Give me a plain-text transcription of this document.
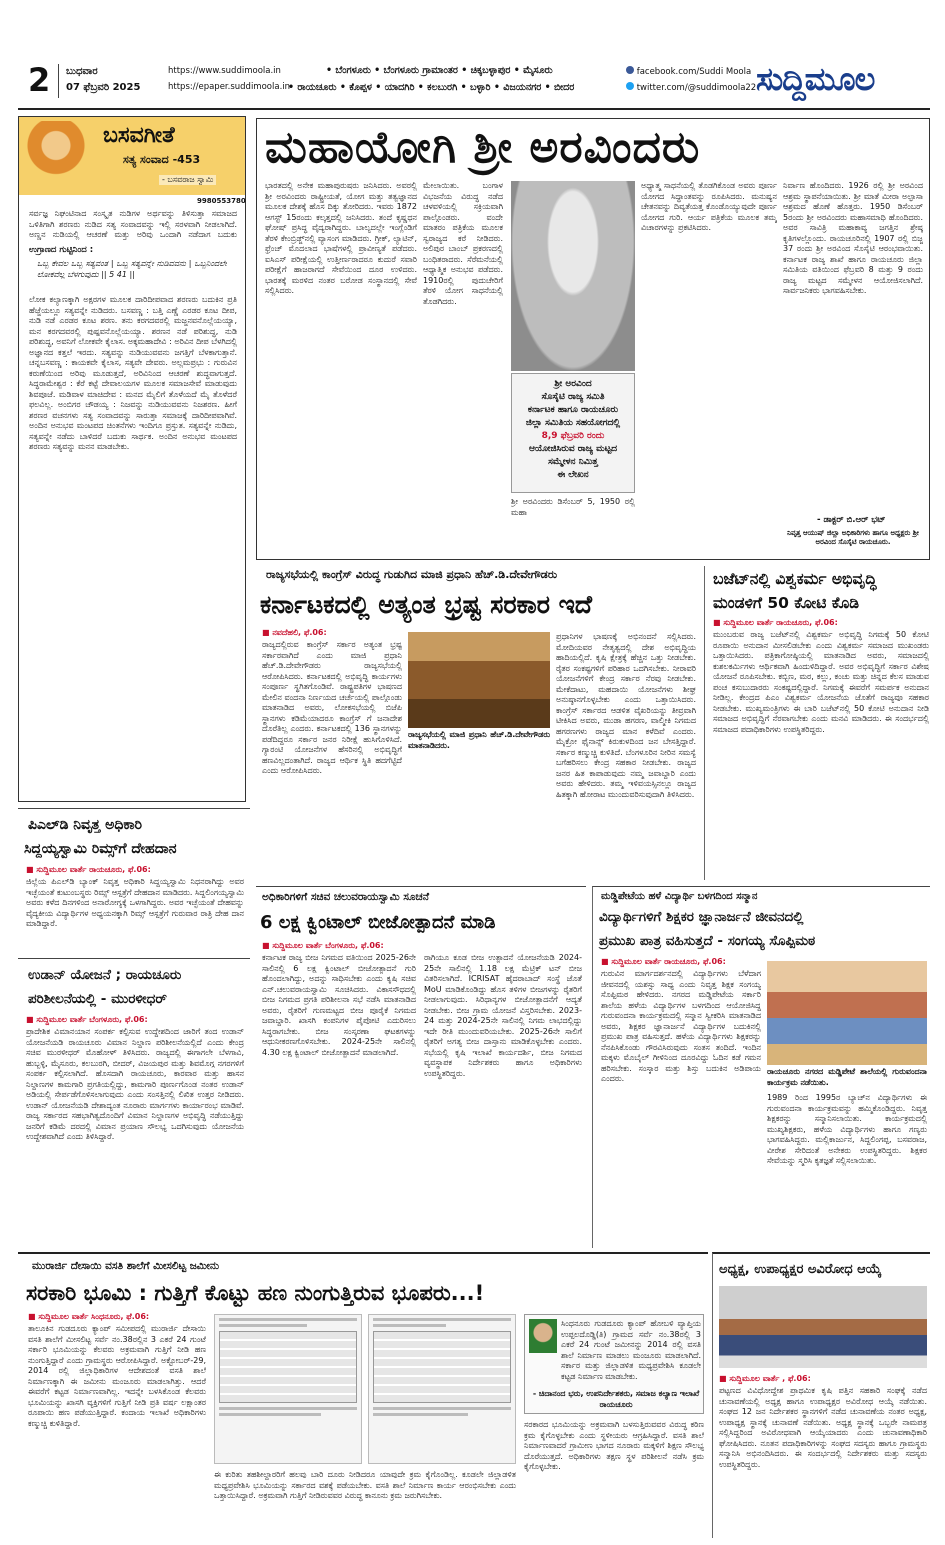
2	ಬುಧವಾರ
07 ಫೆಬ್ರವರಿ 2025
https://www.suddimoola.in
https://epaper.suddimoola.in
• ಬೆಂಗಳೂರು • ಬೆಂಗಳೂರು ಗ್ರಾಮಾಂತರ • ಚಿಕ್ಕಬಳ್ಳಾಪುರ • ಮೈಸೂರು
• ರಾಯಚೂರು • ಕೊಪ್ಪಳ • ಯಾದಗಿರಿ • ಕಲಬುರಗಿ • ಬಳ್ಳಾರಿ • ವಿಜಯನಗರ • ಬೀದರ
facebook.com/Suddi Moola
twitter.com/@suddimoola22 ಸುದ್ದಿಮೂಲ
ಬಸವಗೀತೆ
ಸತ್ಯ ಸಂವಾದ -453
- ಬಸವರಾಜ ಸ್ವಾಮಿ
9980553780
ಸರ್ವಜ್ಞ ನಿಘಂಟಿನಾದ ಸಂಸ್ಕೃತ ನುಡಿಗಳ ಅರ್ಥವನ್ನು ತಿಳಿಸುತ್ತಾ ಸಮಾಜದ ಒಳಿತಿಗಾಗಿ ಶರಣರು ನುಡಿದ ಸತ್ಯ ಸಂವಾದವನ್ನು ಇಲ್ಲಿ ಸರಳವಾಗಿ ನೀಡಲಾಗಿದೆ. ಅಣ್ಣನ ನುಡಿಯಲ್ಲಿ ಆಚರಣೆ ಮತ್ತು ಅರಿವು ಒಂದಾಗಿ ನಡೆದಾಗ ಬದುಕು
ಉಗ್ರಾಣದ ಗುಟ್ಟಿನಿಂದ :
ಒಬ್ಬ ಕೇವಲ ಒಬ್ಬ ಸತ್ಯವಂತ | ಒಬ್ಬ ಸತ್ಯವನ್ನೇ ನುಡಿವವನು | ಒಬ್ಬನಿಂದಲೇ ಲೋಕವೆಲ್ಲ ಬೆಳಗುವುದು || 5 41 ||
ಲೋಕ ಕಲ್ಯಾಣಕ್ಕಾಗಿ ಅಕ್ಷರಗಳ ಮೂಲಕ ದಾರಿದೀಪವಾದ ಶರಣರು ಬದುಕಿನ ಪ್ರತಿ ಹೆಜ್ಜೆಯಲ್ಲೂ ಸತ್ಯವನ್ನೇ ನುಡಿದರು. ಬಸವಣ್ಣ : ಬತ್ತಿ ಎಣ್ಣೆ ಎರಡರ ಕೂಟ ದೀಪ, ನುಡಿ ನಡೆ ಎರಡರ ಕೂಟ ಶರಣ. ತನು ಕರಗದವರಲ್ಲಿ ಮಜ್ಜನವನೊಲ್ಲೆಯಯ್ಯಾ, ಮನ ಕರಗದವರಲ್ಲಿ ಪುಷ್ಪವನೊಲ್ಲೆಯಯ್ಯಾ. ಶರಣನ ನಡೆ ಪರಿಶುದ್ಧ, ನುಡಿ ಪರಿಶುದ್ಧ, ಅವನಿಗೆ ಲೋಕವೇ ಕೈಲಾಸ. ಅಕ್ಕಮಹಾದೇವಿ : ಅರಿವಿನ ದೀಪ ಬೆಳಗಿದಲ್ಲಿ ಅಜ್ಞಾನದ ಕತ್ತಲೆ ಇರದು. ಸತ್ಯವನ್ನು ನುಡಿಯುವವನು ಜಗತ್ತಿಗೆ ಬೆಳಕಾಗುತ್ತಾನೆ. ಚನ್ನಬಸವಣ್ಣ : ಕಾಯಕವೇ ಕೈಲಾಸ, ಸತ್ಯವೇ ದೇವರು. ಅಲ್ಲಮಪ್ರಭು : ಗುರುವಿನ ಕರುಣೆಯಿಂದ ಅರಿವು ಮೂಡುತ್ತದೆ, ಅರಿವಿನಿಂದ ಆಚರಣೆ ಶುದ್ಧವಾಗುತ್ತದೆ. ಸಿದ್ಧರಾಮೇಶ್ವರ : ಕೆರೆ ಕಟ್ಟೆ ದೇವಾಲಯಗಳ ಮೂಲಕ ಸಮಾಜಸೇವೆ ಮಾಡುವುದು ಶಿವಪೂಜೆ. ಮಡಿವಾಳ ಮಾಚಿದೇವ : ಮನದ ಮೈಲಿಗೆ ತೊಳೆಯದೆ ಮೈ ತೊಳೆದರೆ ಫಲವಿಲ್ಲ. ಅಂಬಿಗರ ಚೌಡಯ್ಯ : ನಿಜವನ್ನು ನುಡಿಯುವವನು ನಿಜಶರಣ. ಹೀಗೆ ಶರಣರ ವಚನಗಳು ಸತ್ಯ ಸಂವಾದವನ್ನು ಸಾರುತ್ತಾ ಸಮಾಜಕ್ಕೆ ದಾರಿದೀಪವಾಗಿವೆ. ಅಂದಿನ ಅನುಭವ ಮಂಟಪದ ಚಿಂತನೆಗಳು ಇಂದಿಗೂ ಪ್ರಸ್ತುತ. ಸತ್ಯವನ್ನೇ ನುಡಿದು, ಸತ್ಯವನ್ನೇ ನಡೆದು ಬಾಳಿದರೆ ಬದುಕು ಸಾರ್ಥಕ. ಅಂದಿನ ಅನುಭವ ಮಂಟಪದ ಶರಣರು ಸತ್ಯವನ್ನು ಮನನ ಮಾಡಬೇಕು.
ಮಹಾಯೋಗಿ ಶ್ರೀ ಅರವಿಂದರು
ಭಾರತದಲ್ಲಿ ಅನೇಕ ಮಹಾಪುರುಷರು ಜನಿಸಿದರು. ಅವರಲ್ಲಿ ಶ್ರೀ ಅರವಿಂದರು ರಾಷ್ಟ್ರೀಯತೆ, ಯೋಗ ಮತ್ತು ತತ್ವಜ್ಞಾನದ ಮೂಲಕ ದೇಶಕ್ಕೆ ಹೊಸ ದಿಕ್ಕು ತೋರಿದರು. ಇವರು 1872 ಆಗಸ್ಟ್ 15ರಂದು ಕಲ್ಕತ್ತದಲ್ಲಿ ಜನಿಸಿದರು. ತಂದೆ ಕೃಷ್ಣಧನ ಘೋಷ್ ಪ್ರಸಿದ್ಧ ವೈದ್ಯರಾಗಿದ್ದರು. ಬಾಲ್ಯದಲ್ಲೇ ಇಂಗ್ಲೆಂಡಿಗೆ ತೆರಳಿ ಕೇಂಬ್ರಿಡ್ಜ್‌ನಲ್ಲಿ ವ್ಯಾಸಂಗ ಮಾಡಿದರು. ಗ್ರೀಕ್, ಲ್ಯಾಟಿನ್, ಫ್ರೆಂಚ್ ಮೊದಲಾದ ಭಾಷೆಗಳಲ್ಲಿ ಪ್ರಾವೀಣ್ಯತೆ ಪಡೆದರು. ಐಸಿಎಸ್ ಪರೀಕ್ಷೆಯಲ್ಲಿ ಉತ್ತೀರ್ಣರಾದರೂ ಕುದುರೆ ಸವಾರಿ ಪರೀಕ್ಷೆಗೆ ಹಾಜರಾಗದೆ ಸೇವೆಯಿಂದ ದೂರ ಉಳಿದರು. ಭಾರತಕ್ಕೆ ಮರಳಿದ ನಂತರ ಬರೋಡ ಸಂಸ್ಥಾನದಲ್ಲಿ ಸೇವೆ ಸಲ್ಲಿಸಿದರು.
ಮೇಲಾಯಿತು. ಬಂಗಾಳ ವಿಭಜನೆಯ ವಿರುದ್ಧ ನಡೆದ ಚಳವಳಿಯಲ್ಲಿ ಸಕ್ರಿಯವಾಗಿ ಪಾಲ್ಗೊಂಡರು. ವಂದೇ ಮಾತರಂ ಪತ್ರಿಕೆಯ ಮೂಲಕ ಸ್ವರಾಜ್ಯದ ಕರೆ ನೀಡಿದರು. ಅಲಿಪುರ ಬಾಂಬ್ ಪ್ರಕರಣದಲ್ಲಿ ಬಂಧಿತರಾದರು. ಸೆರೆಮನೆಯಲ್ಲಿ ಆಧ್ಯಾತ್ಮಿಕ ಅನುಭವ ಪಡೆದರು. 1910ರಲ್ಲಿ ಪುದುಚೇರಿಗೆ ತೆರಳಿ ಯೋಗ ಸಾಧನೆಯಲ್ಲಿ ತೊಡಗಿದರು.
ಶ್ರೀ ಅರವಿಂದ
ಸೊಸೈಟಿ ರಾಜ್ಯ ಸಮಿತಿ
ಕರ್ನಾಟಕ ಹಾಗೂ ರಾಯಚೂರು
ಜಿಲ್ಲಾ ಸಮಿತಿಯ ಸಹಯೋಗದಲ್ಲಿ
8,9 ಫೆಬ್ರವರಿ ರಂದು
ಆಯೋಜಿಸಿರುವ ರಾಜ್ಯ ಮಟ್ಟದ
ಸಮ್ಮೇಳನ ನಿಮಿತ್ತ
ಈ ಲೇಖನ
ಶ್ರೀ ಅರವಿಂದರು ಡಿಸೆಂಬರ್ 5, 1950 ರಲ್ಲಿ ಮಹಾ
ಅಧ್ಯಾತ್ಮ ಸಾಧನೆಯಲ್ಲಿ ತೊಡಗಿಕೊಂಡ ಅವರು ಪೂರ್ಣ ಯೋಗದ ಸಿದ್ಧಾಂತವನ್ನು ರೂಪಿಸಿದರು. ಮನುಷ್ಯನ ಚೇತನವನ್ನು ದಿವ್ಯತೆಯತ್ತ ಕೊಂಡೊಯ್ಯುವುದೇ ಪೂರ್ಣ ಯೋಗದ ಗುರಿ. ಆರ್ಯ ಪತ್ರಿಕೆಯ ಮೂಲಕ ತಮ್ಮ ವಿಚಾರಗಳನ್ನು ಪ್ರಕಟಿಸಿದರು.
ನಿರ್ವಾಣ ಹೊಂದಿದರು. 1926 ರಲ್ಲಿ ಶ್ರೀ ಅರವಿಂದ ಆಶ್ರಮ ಸ್ಥಾಪನೆಯಾಯಿತು. ಶ್ರೀ ಮಾತೆ ಮೀರಾ ಅಲ್ಫಾಸಾ ಆಶ್ರಮದ ಹೊಣೆ ಹೊತ್ತರು. 1950 ಡಿಸೆಂಬರ್ 5ರಂದು ಶ್ರೀ ಅರವಿಂದರು ಮಹಾಸಮಾಧಿ ಹೊಂದಿದರು. ಅವರ ಸಾವಿತ್ರಿ ಮಹಾಕಾವ್ಯ ಜಗತ್ತಿನ ಶ್ರೇಷ್ಠ ಕೃತಿಗಳಲ್ಲೊಂದು. ರಾಯಚೂರಿನಲ್ಲಿ 1907 ರಲ್ಲಿ ಬಿಜ್ಜ 37 ರಂದು ಶ್ರೀ ಅರವಿಂದ ಸೊಸೈಟಿ ಆರಂಭವಾಯಿತು. ಕರ್ನಾಟಕ ರಾಜ್ಯ ಶಾಖೆ ಹಾಗೂ ರಾಯಚೂರು ಜಿಲ್ಲಾ ಸಮಿತಿಯ ವತಿಯಿಂದ ಫೆಬ್ರವರಿ 8 ಮತ್ತು 9 ರಂದು ರಾಜ್ಯ ಮಟ್ಟದ ಸಮ್ಮೇಳನ ಆಯೋಜಿಸಲಾಗಿದೆ. ಸಾರ್ವಜನಿಕರು ಭಾಗವಹಿಸಬೇಕು.
- ಡಾಕ್ಟರ್ ಬಿ.ಆರ್ ಭಟ್
ನಿವೃತ್ತ ಆಯುಷ್ ಜಿಲ್ಲಾ ಅಧಿಕಾರಿಗಳು ಹಾಗೂ ಅಧ್ಯಕ್ಷರು ಶ್ರೀ ಅರವಿಂದ ಸೊಸೈಟಿ ರಾಯಚೂರು.
ರಾಜ್ಯಸಭೆಯಲ್ಲಿ ಕಾಂಗ್ರೆಸ್ ವಿರುದ್ಧ ಗುಡುಗಿದ ಮಾಜಿ ಪ್ರಧಾನಿ ಹೆಚ್.ಡಿ.ದೇವೇಗೌಡರು
ಕರ್ನಾಟಕದಲ್ಲಿ ಅತ್ಯಂತ ಭ್ರಷ್ಟ ಸರಕಾರ ಇದೆ
■ ನವದೆಹಲಿ, ಫೆ.06:
ರಾಜ್ಯದಲ್ಲಿರುವ ಕಾಂಗ್ರೆಸ್ ಸರ್ಕಾರ ಅತ್ಯಂತ ಭ್ರಷ್ಟ ಸರ್ಕಾರವಾಗಿದೆ ಎಂದು ಮಾಜಿ ಪ್ರಧಾನಿ ಹೆಚ್.ಡಿ.ದೇವೇಗೌಡರು ರಾಜ್ಯಸಭೆಯಲ್ಲಿ ಆರೋಪಿಸಿದರು. ಕರ್ನಾಟಕದಲ್ಲಿ ಅಭಿವೃದ್ಧಿ ಕಾರ್ಯಗಳು ಸಂಪೂರ್ಣ ಸ್ಥಗಿತಗೊಂಡಿವೆ. ರಾಷ್ಟ್ರಪತಿಗಳ ಭಾಷಣದ ಮೇಲಿನ ವಂದನಾ ನಿರ್ಣಯದ ಚರ್ಚೆಯಲ್ಲಿ ಪಾಲ್ಗೊಂಡು ಮಾತನಾಡಿದ ಅವರು, ಲೋಕಸಭೆಯಲ್ಲಿ ಬಿಜೆಪಿ ಸ್ಥಾನಗಳು ಕಡಿಮೆಯಾದರೂ ಕಾಂಗ್ರೆಸ್ ಗೆ ಜನಾದೇಶ ದೊರೆತಿಲ್ಲ ಎಂದರು. ಕರ್ನಾಟಕದಲ್ಲಿ 136 ಸ್ಥಾನಗಳನ್ನು ಪಡೆದಿದ್ದರೂ ಸರ್ಕಾರ ಜನರ ನಿರೀಕ್ಷೆ ಹುಸಿಗೊಳಿಸಿದೆ. ಗ್ಯಾರಂಟಿ ಯೋಜನೆಗಳ ಹೆಸರಿನಲ್ಲಿ ಅಭಿವೃದ್ಧಿಗೆ ಹಣವಿಲ್ಲದಂತಾಗಿದೆ. ರಾಜ್ಯದ ಆರ್ಥಿಕ ಸ್ಥಿತಿ ಹದಗೆಟ್ಟಿದೆ ಎಂದು ಆರೋಪಿಸಿದರು.
ರಾಜ್ಯಸಭೆಯಲ್ಲಿ ಮಾಜಿ ಪ್ರಧಾನಿ ಹೆಚ್.ಡಿ.ದೇವೇಗೌಡರು ಮಾತನಾಡಿದರು.
ಪ್ರಧಾನಿಗಳ ಭಾಷಣಕ್ಕೆ ಅಭಿನಂದನೆ ಸಲ್ಲಿಸಿದರು. ಮೋದಿಯವರ ನೇತೃತ್ವದಲ್ಲಿ ದೇಶ ಅಭಿವೃದ್ಧಿಯ ಹಾದಿಯಲ್ಲಿದೆ. ಕೃಷಿ ಕ್ಷೇತ್ರಕ್ಕೆ ಹೆಚ್ಚಿನ ಒತ್ತು ನೀಡಬೇಕು. ರೈತರ ಸಂಕಷ್ಟಗಳಿಗೆ ಪರಿಹಾರ ಒದಗಿಸಬೇಕು. ನೀರಾವರಿ ಯೋಜನೆಗಳಿಗೆ ಕೇಂದ್ರ ಸರ್ಕಾರ ನೆರವು ನೀಡಬೇಕು. ಮೇಕೆದಾಟು, ಮಹದಾಯಿ ಯೋಜನೆಗಳು ಶೀಘ್ರ ಅನುಷ್ಠಾನಗೊಳ್ಳಬೇಕು ಎಂದು ಒತ್ತಾಯಿಸಿದರು. ಕಾಂಗ್ರೆಸ್ ಸರ್ಕಾರದ ಆಡಳಿತ ವೈಖರಿಯನ್ನು ತೀವ್ರವಾಗಿ ಟೀಕಿಸಿದ ಅವರು, ಮುಡಾ ಹಗರಣ, ವಾಲ್ಮೀಕಿ ನಿಗಮದ ಹಗರಣಗಳು ರಾಜ್ಯದ ಮಾನ ಕಳೆದಿವೆ ಎಂದರು. ಮೈಕ್ರೋ ಫೈನಾನ್ಸ್ ಕಿರುಕುಳದಿಂದ ಜನ ಬೇಸತ್ತಿದ್ದಾರೆ. ಸರ್ಕಾರ ಕಣ್ಮುಚ್ಚಿ ಕುಳಿತಿದೆ. ಬೆಂಗಳೂರಿನ ನೀರಿನ ಸಮಸ್ಯೆ ಬಗೆಹರಿಸಲು ಕೇಂದ್ರ ಸಹಕಾರ ನೀಡಬೇಕು. ರಾಜ್ಯದ ಜನರ ಹಿತ ಕಾಪಾಡುವುದು ನಮ್ಮ ಜವಾಬ್ದಾರಿ ಎಂದು ಅವರು ಹೇಳಿದರು. ತಮ್ಮ ಇಳಿವಯಸ್ಸಿನಲ್ಲೂ ರಾಜ್ಯದ ಹಿತಕ್ಕಾಗಿ ಹೋರಾಟ ಮುಂದುವರಿಸುವುದಾಗಿ ತಿಳಿಸಿದರು.
ಬಜೆಟ್‌ನಲ್ಲಿ ವಿಶ್ವಕರ್ಮ ಅಭಿವೃದ್ಧಿ
ಮಂಡಳಿಗೆ 50 ಕೋಟಿ ಕೊಡಿ
■ ಸುದ್ದಿಮೂಲ ವಾರ್ತೆ ರಾಯಚೂರು, ಫೆ.06:
ಮುಂಬರುವ ರಾಜ್ಯ ಬಜೆಟ್‌ನಲ್ಲಿ ವಿಶ್ವಕರ್ಮ ಅಭಿವೃದ್ಧಿ ನಿಗಮಕ್ಕೆ 50 ಕೋಟಿ ರೂಪಾಯಿ ಅನುದಾನ ಮೀಸಲಿಡಬೇಕು ಎಂದು ವಿಶ್ವಕರ್ಮ ಸಮಾಜದ ಮುಖಂಡರು ಒತ್ತಾಯಿಸಿದರು. ಪತ್ರಿಕಾಗೋಷ್ಠಿಯಲ್ಲಿ ಮಾತನಾಡಿದ ಅವರು, ಸಮಾಜದಲ್ಲಿ ಕುಶಲಕರ್ಮಿಗಳು ಆರ್ಥಿಕವಾಗಿ ಹಿಂದುಳಿದಿದ್ದಾರೆ. ಅವರ ಅಭಿವೃದ್ಧಿಗೆ ಸರ್ಕಾರ ವಿಶೇಷ ಯೋಜನೆ ರೂಪಿಸಬೇಕು. ಕಬ್ಬಿಣ, ಮರ, ಕಲ್ಲು, ಕಂಚು ಮತ್ತು ಚಿನ್ನದ ಕೆಲಸ ಮಾಡುವ ಪಂಚ ಕಸುಬುದಾರರು ಸಂಕಷ್ಟದಲ್ಲಿದ್ದಾರೆ. ನಿಗಮಕ್ಕೆ ಈವರೆಗೆ ಸಮರ್ಪಕ ಅನುದಾನ ನೀಡಿಲ್ಲ. ಕೇಂದ್ರದ ಪಿಎಂ ವಿಶ್ವಕರ್ಮ ಯೋಜನೆಯ ಜೊತೆಗೆ ರಾಜ್ಯವೂ ಸಹಕಾರ ನೀಡಬೇಕು. ಮುಖ್ಯಮಂತ್ರಿಗಳು ಈ ಬಾರಿ ಬಜೆಟ್‌ನಲ್ಲಿ 50 ಕೋಟಿ ಅನುದಾನ ನೀಡಿ ಸಮಾಜದ ಅಭಿವೃದ್ಧಿಗೆ ನೆರವಾಗಬೇಕು ಎಂದು ಮನವಿ ಮಾಡಿದರು. ಈ ಸಂದರ್ಭದಲ್ಲಿ ಸಮಾಜದ ಪದಾಧಿಕಾರಿಗಳು ಉಪಸ್ಥಿತರಿದ್ದರು.
ಪಿಎಲ್‌ಡಿ ನಿವೃತ್ತ ಅಧಿಕಾರಿ
ಸಿದ್ದಯ್ಯಸ್ವಾಮಿ ರಿಮ್ಸ್‌ಗೆ ದೇಹದಾನ
■ ಸುದ್ದಿಮೂಲ ವಾರ್ತೆ ರಾಯಚೂರು, ಫೆ.06:
ಜಿಲ್ಲೆಯ ಪಿಎಲ್‌ಡಿ ಬ್ಯಾಂಕ್ ನಿವೃತ್ತ ಅಧಿಕಾರಿ ಸಿದ್ದಯ್ಯಸ್ವಾಮಿ ನಿಧನರಾಗಿದ್ದು ಅವರ ಇಚ್ಛೆಯಂತೆ ಕುಟುಂಬಸ್ಥರು ರಿಮ್ಸ್ ಆಸ್ಪತ್ರೆಗೆ ದೇಹದಾನ ಮಾಡಿದರು. ಸಿದ್ದಲಿಂಗಯ್ಯಸ್ವಾಮಿ ಅವರು ಕಳೆದ ದಿನಗಳಿಂದ ಅನಾರೋಗ್ಯಕ್ಕೆ ಒಳಗಾಗಿದ್ದರು. ಅವರ ಇಚ್ಛೆಯಂತೆ ದೇಹವನ್ನು ವೈದ್ಯಕೀಯ ವಿದ್ಯಾರ್ಥಿಗಳ ಅಧ್ಯಯನಕ್ಕಾಗಿ ರಿಮ್ಸ್ ಆಸ್ಪತ್ರೆಗೆ ಗುರುವಾರ ರಾತ್ರಿ ದೇಹ ದಾನ ಮಾಡಿದ್ದಾರೆ.
ಉಡಾನ್ ಯೋಜನೆ ; ರಾಯಚೂರು
ಪರಿಶೀಲನೆಯಲ್ಲಿ - ಮುರಳೀಧರ್
■ ಸುದ್ದಿಮೂಲ ವಾರ್ತೆ ಬೆಂಗಳೂರು, ಫೆ.06:
ಪ್ರಾದೇಶಿಕ ವಿಮಾನಯಾನ ಸಂಪರ್ಕ ಕಲ್ಪಿಸುವ ಉದ್ದೇಶದಿಂದ ಜಾರಿಗೆ ತಂದ ಉಡಾನ್ ಯೋಜನೆಯಡಿ ರಾಯಚೂರು ವಿಮಾನ ನಿಲ್ದಾಣ ಪರಿಶೀಲನೆಯಲ್ಲಿದೆ ಎಂದು ಕೇಂದ್ರ ಸಚಿವ ಮುರಳೀಧರ್ ಮೊಹೋಳ್ ತಿಳಿಸಿದರು. ರಾಜ್ಯದಲ್ಲಿ ಈಗಾಗಲೇ ಬೆಳಗಾವಿ, ಹುಬ್ಬಳ್ಳಿ, ಮೈಸೂರು, ಕಲಬುರಗಿ, ಬೀದರ್, ವಿಜಯಪುರ ಮತ್ತು ಶಿವಮೊಗ್ಗ ನಗರಗಳಿಗೆ ಸಂಪರ್ಕ ಕಲ್ಪಿಸಲಾಗಿದೆ. ಹೊಸದಾಗಿ ರಾಯಚೂರು, ಕಾರವಾರ ಮತ್ತು ಹಾಸನ ನಿಲ್ದಾಣಗಳ ಕಾಮಗಾರಿ ಪ್ರಗತಿಯಲ್ಲಿದ್ದು, ಕಾಮಗಾರಿ ಪೂರ್ಣಗೊಂಡ ನಂತರ ಉಡಾನ್ ಅಡಿಯಲ್ಲಿ ಸೇರ್ಪಡೆಗೊಳಿಸಲಾಗುವುದು ಎಂದು ಸಂಸತ್ತಿನಲ್ಲಿ ಲಿಖಿತ ಉತ್ತರ ನೀಡಿದರು. ಉಡಾನ್ ಯೋಜನೆಯಡಿ ದೇಶಾದ್ಯಂತ ನೂರಾರು ಮಾರ್ಗಗಳು ಕಾರ್ಯಾರಂಭ ಮಾಡಿವೆ. ರಾಜ್ಯ ಸರ್ಕಾರದ ಸಹಭಾಗಿತ್ವದೊಂದಿಗೆ ವಿಮಾನ ನಿಲ್ದಾಣಗಳ ಅಭಿವೃದ್ಧಿ ನಡೆಯುತ್ತಿದ್ದು ಜನರಿಗೆ ಕಡಿಮೆ ದರದಲ್ಲಿ ವಿಮಾನ ಪ್ರಯಾಣ ಸೌಲಭ್ಯ ಒದಗಿಸುವುದು ಯೋಜನೆಯ ಉದ್ದೇಶವಾಗಿದೆ ಎಂದು ತಿಳಿಸಿದ್ದಾರೆ.
ಅಧಿಕಾರಿಗಳಿಗೆ ಸಚಿವ ಚಲುವರಾಯಸ್ವಾಮಿ ಸೂಚನೆ
6 ಲಕ್ಷ ಕ್ವಿಂಟಾಲ್ ಬೀಜೋತ್ಪಾದನೆ ಮಾಡಿ
■ ಸುದ್ದಿಮೂಲ ವಾರ್ತೆ ಬೆಂಗಳೂರು, ಫೆ.06:
ಕರ್ನಾಟಕ ರಾಜ್ಯ ಬೀಜ ನಿಗಮದ ವತಿಯಿಂದ 2025-26ನೇ ಸಾಲಿನಲ್ಲಿ 6 ಲಕ್ಷ ಕ್ವಿಂಟಾಲ್ ಬೀಜೋತ್ಪಾದನೆ ಗುರಿ ಹೊಂದಲಾಗಿದ್ದು, ಅದನ್ನು ಸಾಧಿಸಬೇಕು ಎಂದು ಕೃಷಿ ಸಚಿವ ಎನ್.ಚಲುವರಾಯಸ್ವಾಮಿ ಸೂಚಿಸಿದರು. ವಿಕಾಸಸೌಧದಲ್ಲಿ ಬೀಜ ನಿಗಮದ ಪ್ರಗತಿ ಪರಿಶೀಲನಾ ಸಭೆ ನಡೆಸಿ ಮಾತನಾಡಿದ ಅವರು, ರೈತರಿಗೆ ಗುಣಮಟ್ಟದ ಬೀಜ ಪೂರೈಕೆ ನಿಗಮದ ಜವಾಬ್ದಾರಿ. ಖಾಸಗಿ ಕಂಪನಿಗಳ ಪೈಪೋಟಿ ಎದುರಿಸಲು ಸಿದ್ಧರಾಗಬೇಕು. ಬೀಜ ಸಂಸ್ಕರಣಾ ಘಟಕಗಳನ್ನು ಆಧುನೀಕರಣಗೊಳಿಸಬೇಕು. 2024-25ನೇ ಸಾಲಿನಲ್ಲಿ 4.30 ಲಕ್ಷ ಕ್ವಿಂಟಾಲ್ ಬೀಜೋತ್ಪಾದನೆ ಮಾಡಲಾಗಿದೆ.
ರಾಗಿಯೂ ಕೂಡ ಬೀಜ ಉತ್ಪಾದನೆ ಯೋಜನೆಯಡಿ 2024-25ನೇ ಸಾಲಿನಲ್ಲಿ 1.18 ಲಕ್ಷ ಮೆಟ್ರಿಕ್ ಟನ್ ಬೀಜ ವಿತರಿಸಲಾಗಿದೆ. ICRISAT ಹೈದರಾಬಾದ್ ಸಂಸ್ಥೆ ಜೊತೆ MoU ಮಾಡಿಕೊಂಡಿದ್ದು ಹೊಸ ತಳಿಗಳ ಬೀಜಗಳನ್ನು ರೈತರಿಗೆ ನೀಡಲಾಗುವುದು. ಸಿರಿಧಾನ್ಯಗಳ ಬೀಜೋತ್ಪಾದನೆಗೆ ಆದ್ಯತೆ ನೀಡಬೇಕು. ಬೀಜ ಗ್ರಾಮ ಯೋಜನೆ ವಿಸ್ತರಿಸಬೇಕು. 2023-24 ಮತ್ತು 2024-25ನೇ ಸಾಲಿನಲ್ಲಿ ನಿಗಮ ಲಾಭದಲ್ಲಿದ್ದು ಇದೇ ರೀತಿ ಮುಂದುವರಿಯಬೇಕು. 2025-26ನೇ ಸಾಲಿಗೆ ರೈತರಿಗೆ ಅಗತ್ಯ ಬೀಜ ದಾಸ್ತಾನು ಮಾಡಿಕೊಳ್ಳಬೇಕು ಎಂದರು. ಸಭೆಯಲ್ಲಿ ಕೃಷಿ ಇಲಾಖೆ ಕಾರ್ಯದರ್ಶಿ, ಬೀಜ ನಿಗಮದ ವ್ಯವಸ್ಥಾಪಕ ನಿರ್ದೇಶಕರು ಹಾಗೂ ಅಧಿಕಾರಿಗಳು ಉಪಸ್ಥಿತರಿದ್ದರು.
ಮಡ್ಡಿಪೇಟೆಯ ಹಳೆ ವಿದ್ಯಾರ್ಥಿ ಬಳಗದಿಂದ ಸನ್ಮಾನ
ವಿದ್ಯಾರ್ಥಿಗಳಿಗೆ ಶಿಕ್ಷಕರ ಜ್ಞಾನಾರ್ಜನೆ ಜೀವನದಲ್ಲಿ
ಪ್ರಮುಖ ಪಾತ್ರ ವಹಿಸುತ್ತದೆ - ಸಂಗಯ್ಯ ಸೊಪ್ಪಿಮಠ
■ ಸುದ್ದಿಮೂಲ ವಾರ್ತೆ ರಾಯಚೂರು, ಫೆ.06:
ಗುರುವಿನ ಮಾರ್ಗದರ್ಶನದಲ್ಲಿ ವಿದ್ಯಾರ್ಥಿಗಳು ಬೆಳೆದಾಗ ಜೀವನದಲ್ಲಿ ಯಶಸ್ಸು ಸಾಧ್ಯ ಎಂದು ನಿವೃತ್ತ ಶಿಕ್ಷಕ ಸಂಗಯ್ಯ ಸೊಪ್ಪಿಮಠ ಹೇಳಿದರು. ನಗರದ ಮಡ್ಡಿಪೇಟೆಯ ಸರ್ಕಾರಿ ಶಾಲೆಯ ಹಳೆಯ ವಿದ್ಯಾರ್ಥಿಗಳ ಬಳಗದಿಂದ ಆಯೋಜಿಸಿದ್ದ ಗುರುವಂದನಾ ಕಾರ್ಯಕ್ರಮದಲ್ಲಿ ಸನ್ಮಾನ ಸ್ವೀಕರಿಸಿ ಮಾತನಾಡಿದ ಅವರು, ಶಿಕ್ಷಕರ ಜ್ಞಾನಾರ್ಜನೆ ವಿದ್ಯಾರ್ಥಿಗಳ ಬದುಕಿನಲ್ಲಿ ಪ್ರಮುಖ ಪಾತ್ರ ವಹಿಸುತ್ತದೆ. ಹಳೆಯ ವಿದ್ಯಾರ್ಥಿಗಳು ಶಿಕ್ಷಕರನ್ನು ನೆನಪಿಸಿಕೊಂಡು ಗೌರವಿಸಿರುವುದು ಸಂತಸ ತಂದಿದೆ. ಇಂದಿನ ಮಕ್ಕಳು ಮೊಬೈಲ್ ಗೀಳಿನಿಂದ ದೂರವಿದ್ದು ಓದಿನ ಕಡೆ ಗಮನ ಹರಿಸಬೇಕು. ಸಂಸ್ಕಾರ ಮತ್ತು ಶಿಸ್ತು ಬದುಕಿನ ಅಡಿಪಾಯ ಎಂದರು.
ರಾಯಚೂರು ನಗರದ ಮಡ್ಡಿಪೇಟೆ ಶಾಲೆಯಲ್ಲಿ ಗುರುವಂದನಾ ಕಾರ್ಯಕ್ರಮ ನಡೆಯಿತು.
1989 ರಿಂದ 1995ರ ಬ್ಯಾಚ್‌ನ ವಿದ್ಯಾರ್ಥಿಗಳು ಈ ಗುರುವಂದನಾ ಕಾರ್ಯಕ್ರಮವನ್ನು ಹಮ್ಮಿಕೊಂಡಿದ್ದರು. ನಿವೃತ್ತ ಶಿಕ್ಷಕರನ್ನು ಸನ್ಮಾನಿಸಲಾಯಿತು. ಕಾರ್ಯಕ್ರಮದಲ್ಲಿ ಮುಖ್ಯಶಿಕ್ಷಕರು, ಹಳೆಯ ವಿದ್ಯಾರ್ಥಿಗಳು ಹಾಗೂ ಗಣ್ಯರು ಭಾಗವಹಿಸಿದ್ದರು. ಮಲ್ಲಿಕಾರ್ಜುನ, ಸಿದ್ದಲಿಂಗಪ್ಪ, ಬಸವರಾಜ, ವೀರೇಶ ಸೇರಿದಂತೆ ಅನೇಕರು ಉಪಸ್ಥಿತರಿದ್ದರು. ಶಿಕ್ಷಕರ ಸೇವೆಯನ್ನು ಸ್ಮರಿಸಿ ಕೃತಜ್ಞತೆ ಸಲ್ಲಿಸಲಾಯಿತು.
ಮುರಾರ್ಜಿ ದೇಸಾಯಿ ವಸತಿ ಶಾಲೆಗೆ ಮೀಸಲಿಟ್ಟ ಜಮೀನು
ಸರಕಾರಿ ಭೂಮಿ : ಗುತ್ತಿಗೆ ಕೊಟ್ಟು ಹಣ ನುಂಗುತ್ತಿರುವ ಭೂಪರು...!
■ ಸುದ್ದಿಮೂಲ ವಾರ್ತೆ ಸಿಂಧನೂರು, ಫೆ.06:
ತಾಲೂಕಿನ ಗುಡದೂರು ಕ್ಯಾಂಪ್ ಸಮೀಪದಲ್ಲಿ ಮುರಾರ್ಜಿ ದೇಸಾಯಿ ವಸತಿ ಶಾಲೆಗೆ ಮೀಸಲಿಟ್ಟ ಸರ್ವೆ ನಂ.38ರಲ್ಲಿನ 3 ಎಕರೆ 24 ಗುಂಟೆ ಸರ್ಕಾರಿ ಭೂಮಿಯನ್ನು ಕೆಲವರು ಅಕ್ರಮವಾಗಿ ಗುತ್ತಿಗೆ ನೀಡಿ ಹಣ ನುಂಗುತ್ತಿದ್ದಾರೆ ಎಂದು ಗ್ರಾಮಸ್ಥರು ಆರೋಪಿಸಿದ್ದಾರೆ. ಅಕ್ಟೋಬರ್-29, 2014 ರಲ್ಲಿ ಜಿಲ್ಲಾಧಿಕಾರಿಗಳ ಆದೇಶದಂತೆ ವಸತಿ ಶಾಲೆ ನಿರ್ಮಾಣಕ್ಕಾಗಿ ಈ ಜಮೀನು ಮಂಜೂರು ಮಾಡಲಾಗಿತ್ತು. ಆದರೆ ಈವರೆಗೆ ಕಟ್ಟಡ ನಿರ್ಮಾಣವಾಗಿಲ್ಲ. ಇದನ್ನೇ ಬಳಸಿಕೊಂಡ ಕೆಲವರು ಭೂಮಿಯನ್ನು ಖಾಸಗಿ ವ್ಯಕ್ತಿಗಳಿಗೆ ಗುತ್ತಿಗೆ ನೀಡಿ ಪ್ರತಿ ವರ್ಷ ಲಕ್ಷಾಂತರ ರೂಪಾಯಿ ಹಣ ಪಡೆಯುತ್ತಿದ್ದಾರೆ. ಕಂದಾಯ ಇಲಾಖೆ ಅಧಿಕಾರಿಗಳು ಕಣ್ಮುಚ್ಚಿ ಕುಳಿತಿದ್ದಾರೆ.
ಈ ಕುರಿತು ತಹಶೀಲ್ದಾರರಿಗೆ ಹಲವು ಬಾರಿ ದೂರು ನೀಡಿದರೂ ಯಾವುದೇ ಕ್ರಮ ಕೈಗೊಂಡಿಲ್ಲ. ಕೂಡಲೇ ಜಿಲ್ಲಾಡಳಿತ ಮಧ್ಯಪ್ರವೇಶಿಸಿ ಭೂಮಿಯನ್ನು ಸರ್ಕಾರದ ವಶಕ್ಕೆ ಪಡೆಯಬೇಕು. ವಸತಿ ಶಾಲೆ ನಿರ್ಮಾಣ ಕಾರ್ಯ ಆರಂಭಿಸಬೇಕು ಎಂದು ಒತ್ತಾಯಿಸಿದ್ದಾರೆ. ಅಕ್ರಮವಾಗಿ ಗುತ್ತಿಗೆ ನೀಡಿರುವವರ ವಿರುದ್ಧ ಕಾನೂನು ಕ್ರಮ ಜರುಗಿಸಬೇಕು.
ಸಿಂಧನೂರು ಗುಡದೂರು ಕ್ಯಾಂಪ್ ಹೋಬಳಿ ವ್ಯಾಪ್ತಿಯ ಉಪ್ಪಲದೊಡ್ಡಿ(ತಿ) ಗ್ರಾಮದ ಸರ್ವೆ ನಂ.38ರಲ್ಲಿ 3 ಎಕರೆ 24 ಗುಂಟೆ ಜಮೀನನ್ನು 2014 ರಲ್ಲಿ ವಸತಿ ಶಾಲೆ ನಿರ್ಮಾಣ ಮಾಡಲು ಮಂಜೂರು ಮಾಡಲಾಗಿದೆ. ಸರ್ಕಾರ ಮತ್ತು ಜಿಲ್ಲಾಡಳಿತ ಮಧ್ಯಪ್ರವೇಶಿಸಿ ಕೂಡಲೇ ಕಟ್ಟಡ ನಿರ್ಮಾಣ ಮಾಡಬೇಕು.
- ಚಿದಾನಂದ ಭರು, ಉಪನಿರ್ದೇಶಕರು, ಸಮಾಜ ಕಲ್ಯಾಣ ಇಲಾಖೆ ರಾಯಚೂರು
ಸರಕಾರದ ಭೂಮಿಯನ್ನು ಅಕ್ರಮವಾಗಿ ಬಳಸುತ್ತಿರುವವರ ವಿರುದ್ಧ ಕಠಿಣ ಕ್ರಮ ಕೈಗೊಳ್ಳಬೇಕು ಎಂದು ಸ್ಥಳೀಯರು ಆಗ್ರಹಿಸಿದ್ದಾರೆ. ವಸತಿ ಶಾಲೆ ನಿರ್ಮಾಣವಾದರೆ ಗ್ರಾಮೀಣ ಭಾಗದ ನೂರಾರು ಮಕ್ಕಳಿಗೆ ಶಿಕ್ಷಣ ಸೌಲಭ್ಯ ದೊರೆಯುತ್ತದೆ. ಅಧಿಕಾರಿಗಳು ತಕ್ಷಣ ಸ್ಥಳ ಪರಿಶೀಲನೆ ನಡೆಸಿ ಕ್ರಮ ಕೈಗೊಳ್ಳಬೇಕು.
ಅಧ್ಯಕ್ಷ, ಉಪಾಧ್ಯಕ್ಷರ ಅವಿರೋಧ ಆಯ್ಕೆ
■ ಸುದ್ದಿಮೂಲ ವಾರ್ತೆ , ಫೆ.06:
ಪಟ್ಟಣದ ವಿವಿಧೋದ್ದೇಶ ಪ್ರಾಥಮಿಕ ಕೃಷಿ ಪತ್ತಿನ ಸಹಕಾರಿ ಸಂಘಕ್ಕೆ ನಡೆದ ಚುನಾವಣೆಯಲ್ಲಿ ಅಧ್ಯಕ್ಷ ಹಾಗೂ ಉಪಾಧ್ಯಕ್ಷರ ಅವಿರೋಧ ಆಯ್ಕೆ ನಡೆಯಿತು. ಸಂಘದ 12 ಜನ ನಿರ್ದೇಶಕರ ಸ್ಥಾನಗಳಿಗೆ ನಡೆದ ಚುನಾವಣೆಯ ನಂತರ ಅಧ್ಯಕ್ಷ, ಉಪಾಧ್ಯಕ್ಷ ಸ್ಥಾನಕ್ಕೆ ಚುನಾವಣೆ ನಡೆಯಿತು. ಅಧ್ಯಕ್ಷ ಸ್ಥಾನಕ್ಕೆ ಒಬ್ಬರೇ ನಾಮಪತ್ರ ಸಲ್ಲಿಸಿದ್ದರಿಂದ ಅವಿರೋಧವಾಗಿ ಆಯ್ಕೆಯಾದರು ಎಂದು ಚುನಾವಣಾಧಿಕಾರಿ ಘೋಷಿಸಿದರು. ನೂತನ ಪದಾಧಿಕಾರಿಗಳನ್ನು ಸಂಘದ ಸದಸ್ಯರು ಹಾಗೂ ಗ್ರಾಮಸ್ಥರು ಸನ್ಮಾನಿಸಿ ಅಭಿನಂದಿಸಿದರು. ಈ ಸಂದರ್ಭದಲ್ಲಿ ನಿರ್ದೇಶಕರು ಮತ್ತು ಸದಸ್ಯರು ಉಪಸ್ಥಿತರಿದ್ದರು.
